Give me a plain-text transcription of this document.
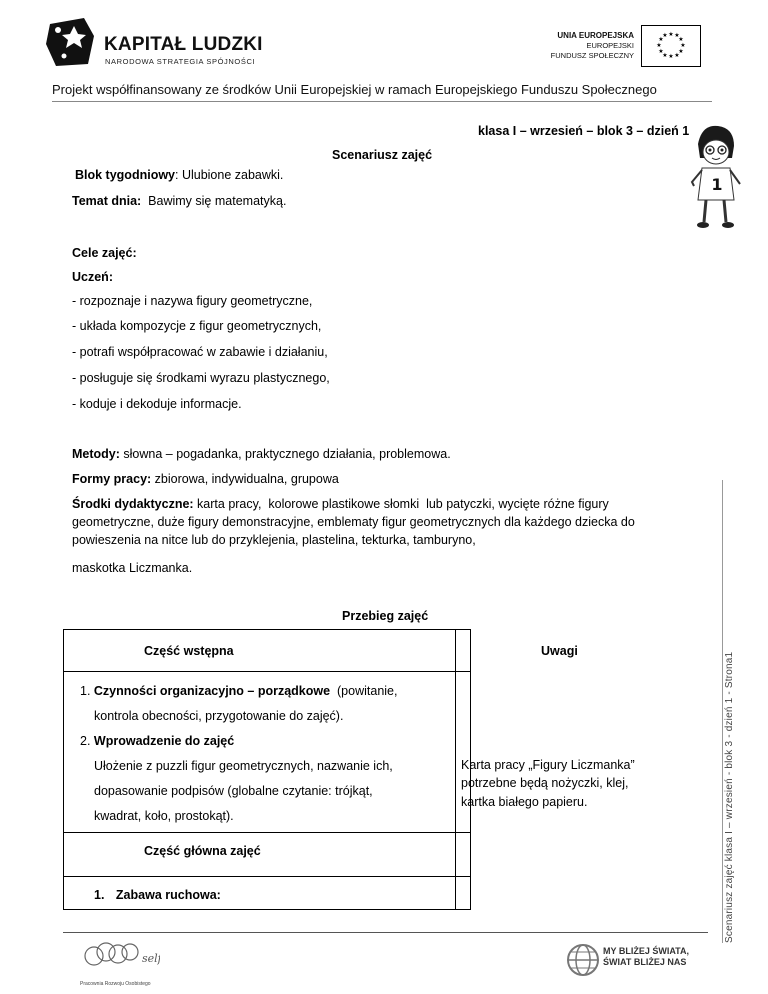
KAPITAŁ LUDZKI
NARODOWA STRATEGIA SPÓJNOŚCI
UNIA EUROPEJSKA
EUROPEJSKI
FUNDUSZ SPOŁECZNY
★ ★
★
★
★
★
★
★
★
★
★
★
Projekt współfinansowany ze środków Unii Europejskiej w ramach Europejskiego Funduszu Społecznego
1
klasa I – wrzesień – blok 3 – dzień 1
Scenariusz zajęć
Blok tygodniowy: Ulubione zabawki.
Temat dnia:  Bawimy się matematyką.
Cele zajęć:
Uczeń:
- rozpoznaje i nazywa figury geometryczne,
- układa kompozycje z figur geometrycznych,
- potrafi współpracować w zabawie i działaniu,
- posługuje się środkami wyrazu plastycznego,
- koduje i dekoduje informacje.
Metody: słowna – pogadanka, praktycznego działania, problemowa.
Formy pracy: zbiorowa, indywidualna, grupowa
Środki dydaktyczne: karta pracy,  kolorowe plastikowe słomki  lub patyczki, wycięte różne figury
geometryczne, duże figury demonstracyjne, emblematy figur geometrycznych dla każdego dziecka do
powieszenia na nitce lub do przyklejenia, plastelina, tekturka, tamburyno,
maskotka Liczmanka.
Przebieg zajęć
Część wstępna	Uwagi
1. Czynności organizacyjno – porządkowe  (powitanie,
kontrola obecności, przygotowanie do zajęć).
2. Wprowadzenie do zajęć
Ułożenie z puzzli figur geometrycznych, nazwanie ich,
dopasowanie podpisów (globalne czytanie: trójkąt,
kwadrat, koło, prostokąt).
Karta pracy „Figury Liczmanka”
potrzebne będą nożyczki, klej,
kartka białego papieru.
Część główna zajęć
1. Zabawa ruchowa:	Scenariusz zajęć klasa I – wrzesień - blok 3 - dzień 1 - Strona1
self
Pracownia Rozwoju Osobistego
MY BLIŻEJ ŚWIATA,
ŚWIAT BLIŻEJ NAS
